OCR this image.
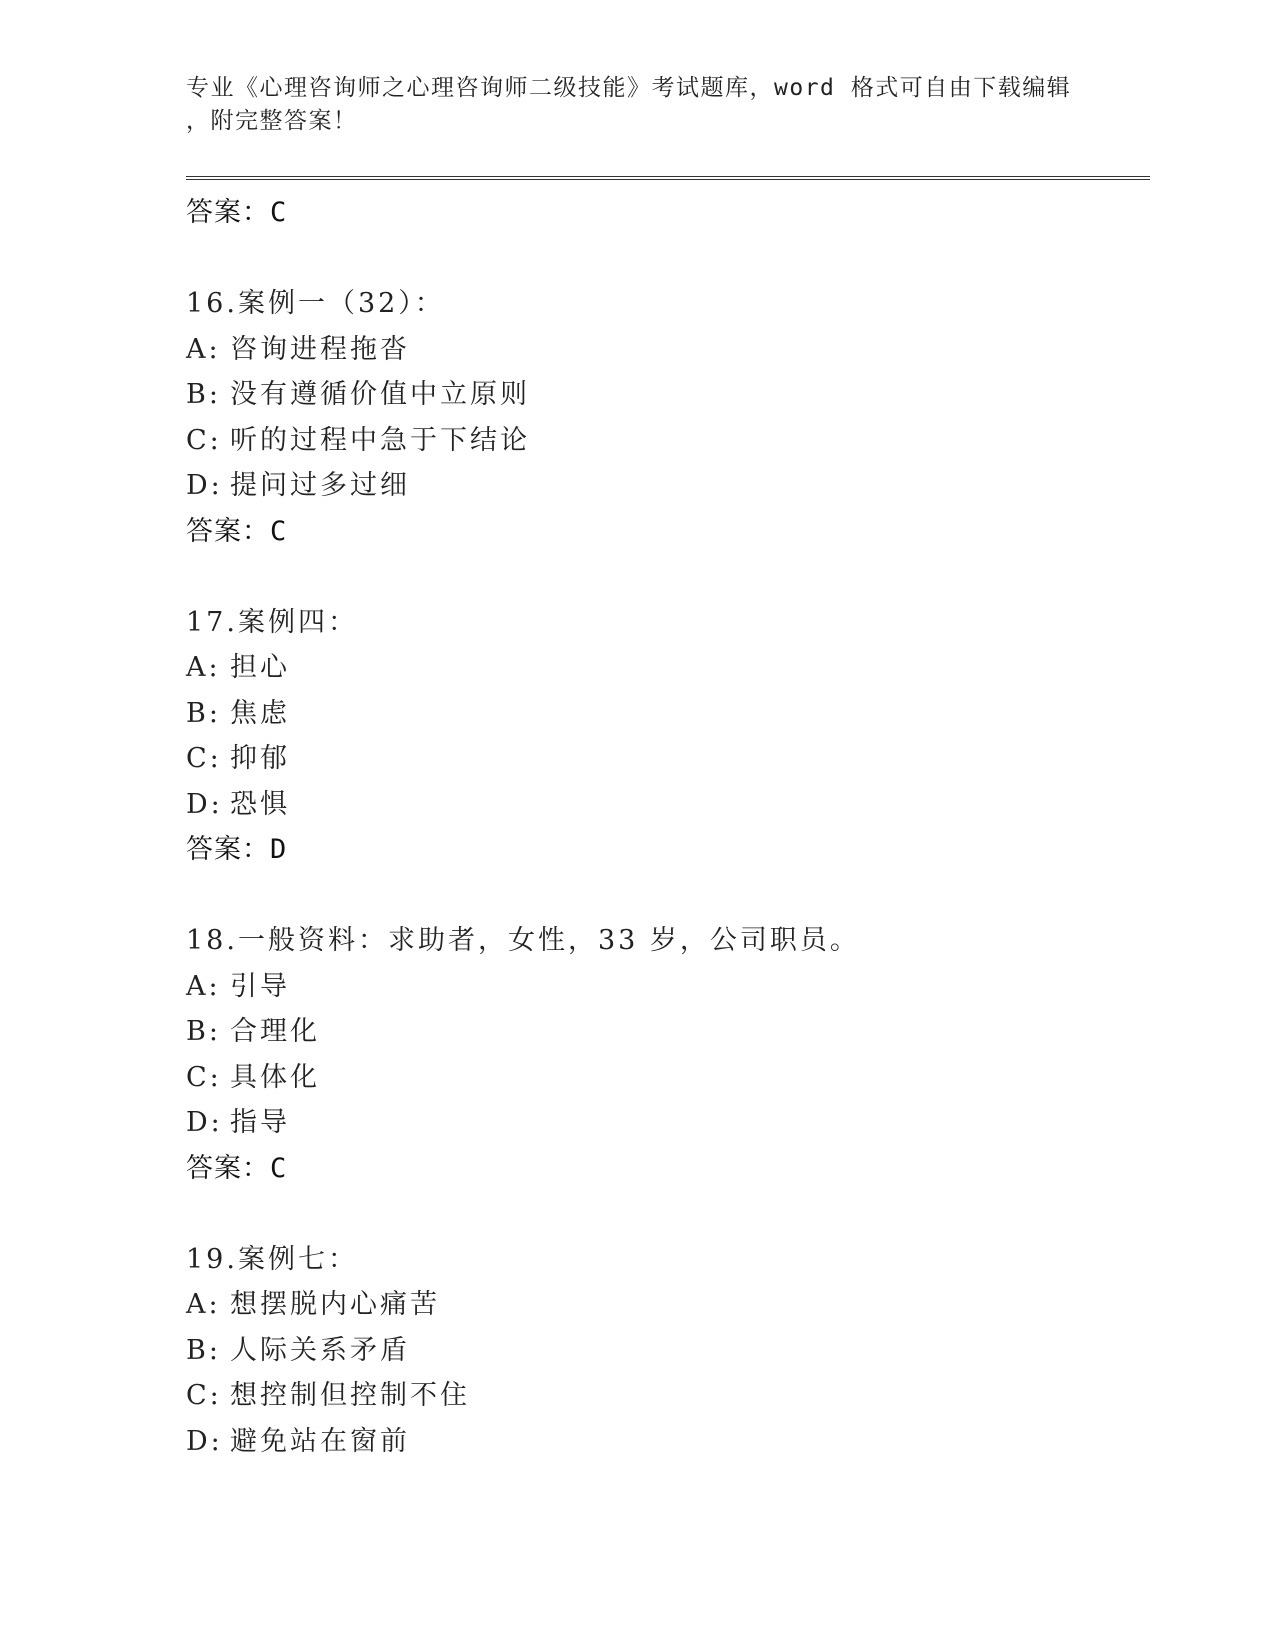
专业《心理咨询师之心理咨询师二级技能》考试题库，word 格式可自由下载编辑
，附完整答案！
答案：C
16.案例一（32）：
A: 咨询进程拖沓
B: 没有遵循价值中立原则
C: 听的过程中急于下结论
D: 提问过多过细
答案：C
17.案例四：
A: 担心
B: 焦虑
C: 抑郁
D: 恐惧
答案：D
18.一般资料：求助者，女性，33 岁，公司职员。
A: 引导
B: 合理化
C: 具体化
D: 指导
答案：C
19.案例七：
A: 想摆脱内心痛苦
B: 人际关系矛盾
C: 想控制但控制不住
D: 避免站在窗前
